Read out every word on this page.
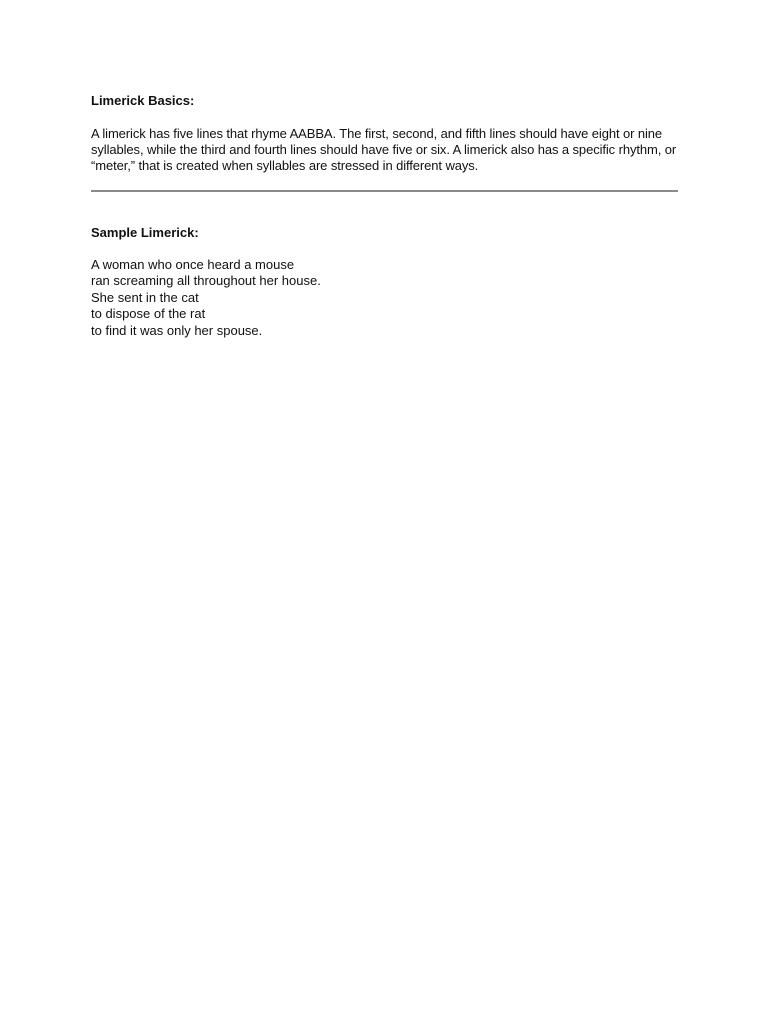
Limerick Basics:

A limerick has five lines that rhyme AABBA. The first, second, and fifth lines should have eight or nine syllables, while the third and fourth lines should have five or six. A limerick also has a specific rhythm, or “meter,” that is created when syllables are stressed in different ways.

Sample Limerick:
A woman who once heard a mouse
ran screaming all throughout her house.
She sent in the cat
to dispose of the rat
to find it was only her spouse.
